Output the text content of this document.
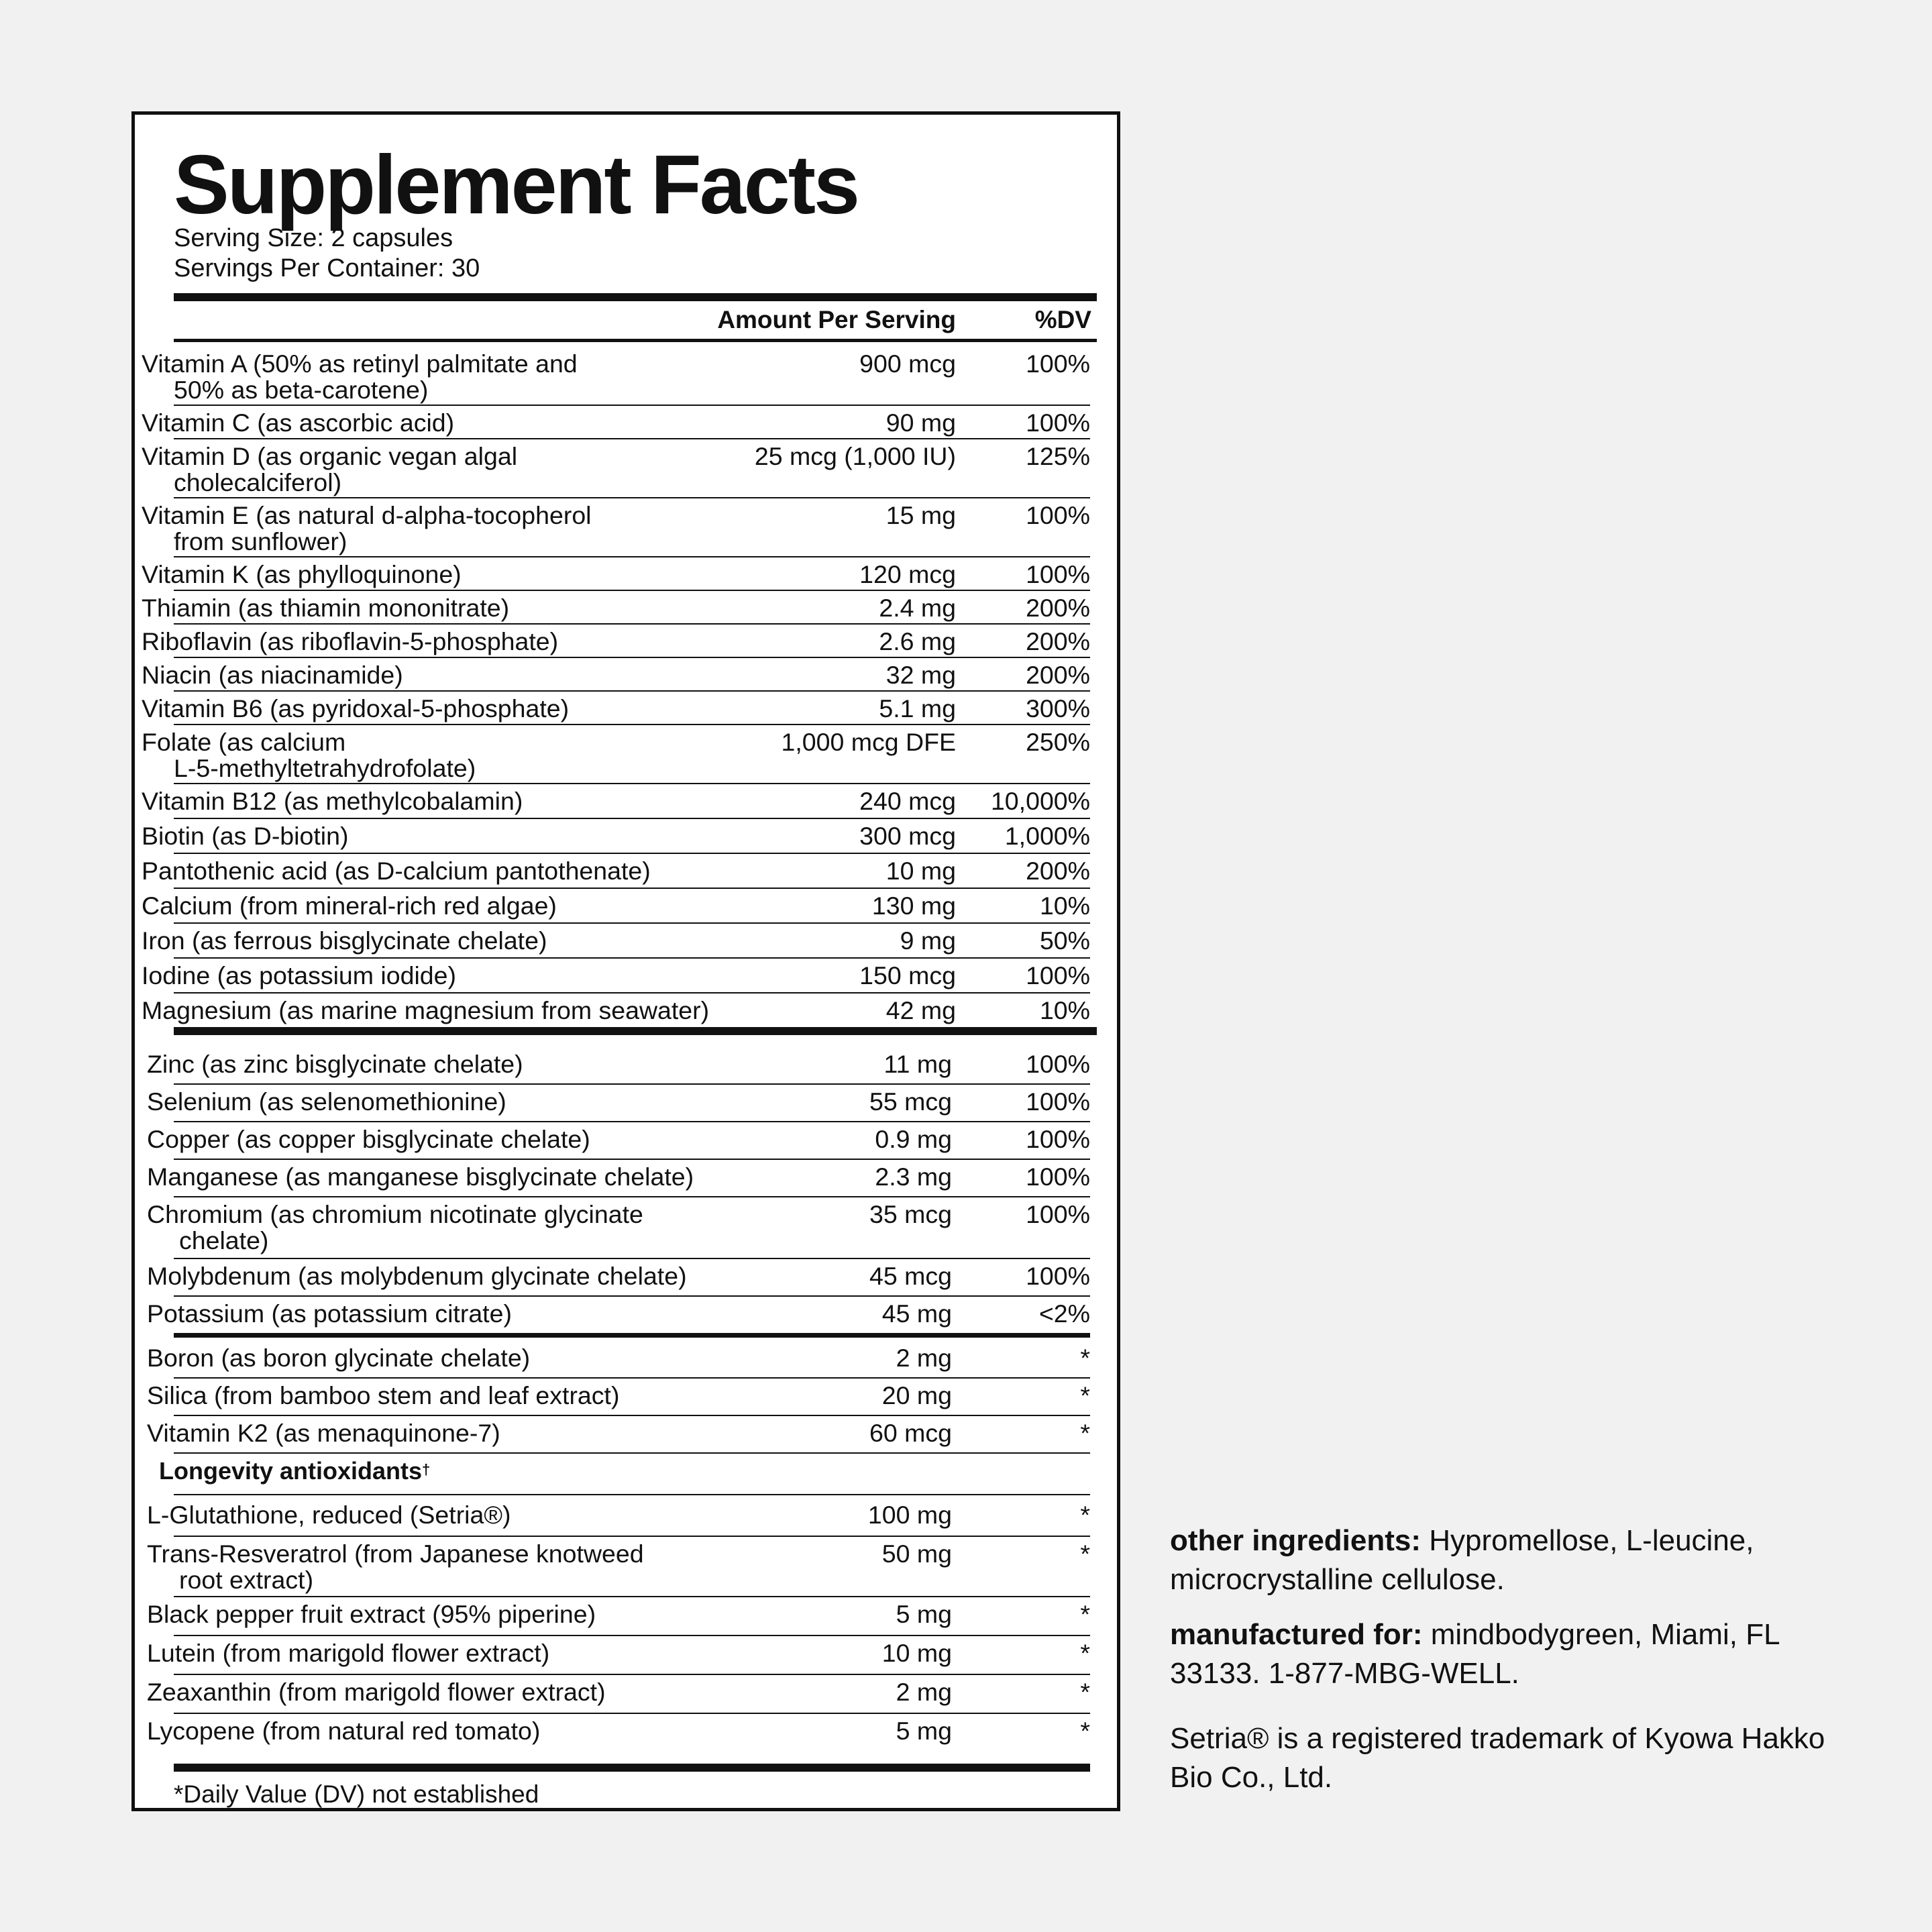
Supplement Facts
Serving Size: 2 capsules
Servings Per Container: 30
Amount Per Serving	%DV
Vitamin A (50% as retinyl palmitate and
50% as beta-carotene)
900 mcg	100%
Vitamin C (as ascorbic acid)	90 mg	100%
Vitamin D (as organic vegan algal
cholecalciferol)
25 mcg (1,000 IU)	125%
Vitamin E (as natural d-alpha-tocopherol
from sunflower)
15 mg	100%
Vitamin K (as phylloquinone)	120 mcg	100%
Thiamin (as thiamin mononitrate)	2.4 mg	200%
Riboflavin (as riboflavin-5-phosphate)	2.6 mg	200%
Niacin (as niacinamide)	32 mg	200%
Vitamin B6 (as pyridoxal-5-phosphate)	5.1 mg	300%
Folate (as calcium
L-5-methyltetrahydrofolate)
1,000 mcg DFE	250%
Vitamin B12 (as methylcobalamin)	240 mcg 10,000%
Biotin (as D-biotin)	300 mcg 1,000%
Pantothenic acid (as D-calcium pantothenate)	10 mg	200%
Calcium (from mineral-rich red algae)	130 mg	10%
Iron (as ferrous bisglycinate chelate)	9 mg	50%
Iodine (as potassium iodide)	150 mcg	100%
Magnesium (as marine magnesium from seawater)	42 mg	10%
Zinc (as zinc bisglycinate chelate)	11 mg	100%
Selenium (as selenomethionine)	55 mcg	100%
Copper (as copper bisglycinate chelate)	0.9 mg	100%
Manganese (as manganese bisglycinate chelate)	2.3 mg	100%
Chromium (as chromium nicotinate glycinate
chelate)
35 mcg	100%
Molybdenum (as molybdenum glycinate chelate)	45 mcg	100%
Potassium (as potassium citrate)	45 mg	<2%
Boron (as boron glycinate chelate)	2 mg	*
Silica (from bamboo stem and leaf extract)	20 mg	*
Vitamin K2 (as menaquinone-7)	60 mcg	*
L-Glutathione, reduced (Setria®)	100 mg	*
Trans-Resveratrol (from Japanese knotweed
root extract)
50 mg	*
Black pepper fruit extract (95% piperine)	5 mg	*
Lutein (from marigold flower extract)	10 mg	*
Zeaxanthin (from marigold flower extract)	2 mg	*
Lycopene (from natural red tomato)	5 mg	*
Longevity antioxidants†
*Daily Value (DV) not established
other ingredients: Hypromellose, L-leucine, microcrystalline cellulose.
manufactured for: mindbodygreen, Miami, FL 33133. 1-877-MBG-WELL.
Setria® is a registered trademark of Kyowa Hakko Bio Co., Ltd.
